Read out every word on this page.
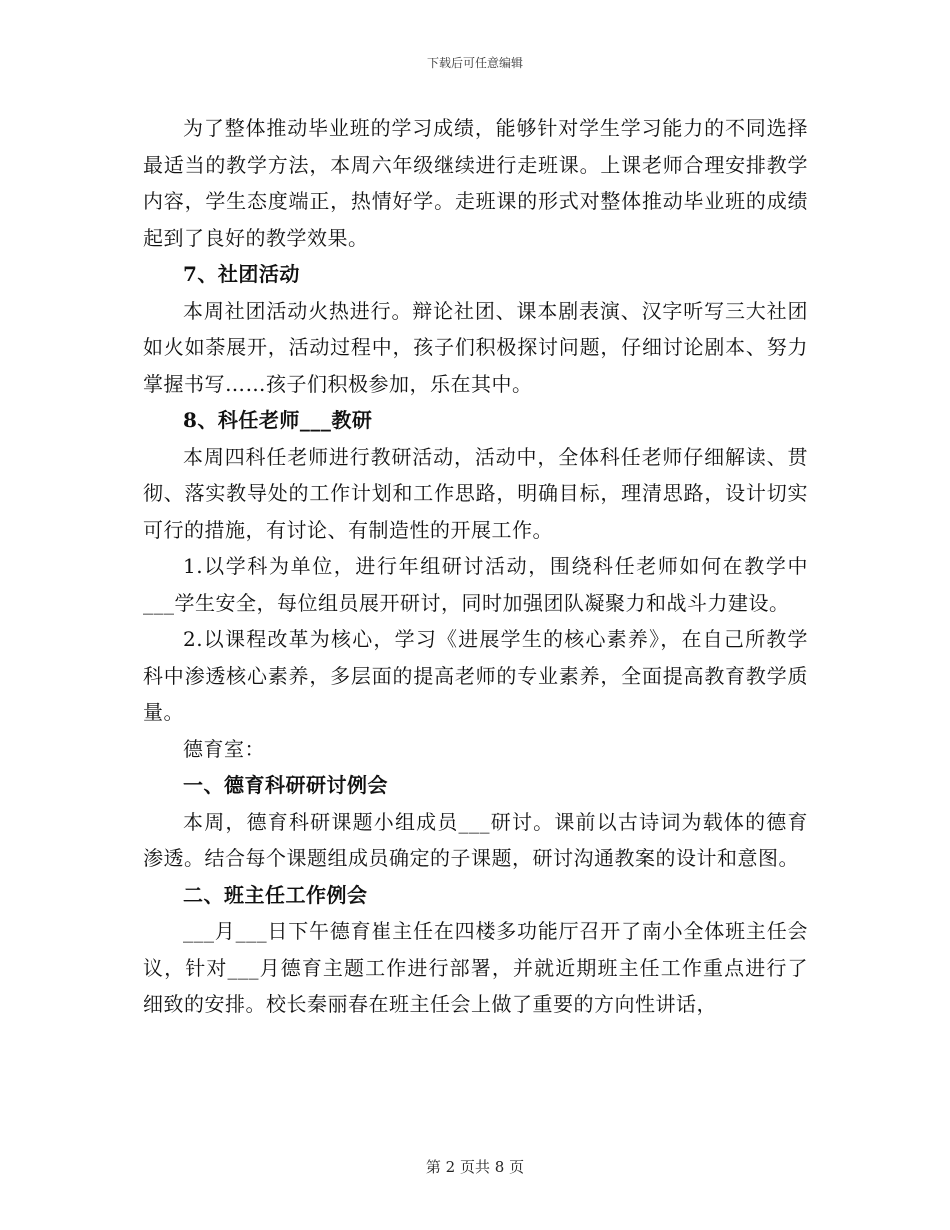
下载后可任意编辑

为了整体推动毕业班的学习成绩，能够针对学生学习能力的不同选择最适当的教学方法，本周六年级继续进行走班课。上课老师合理安排教学内容，学生态度端正，热情好学。走班课的形式对整体推动毕业班的成绩起到了良好的教学效果。

7、社团活动

本周社团活动火热进行。辩论社团、课本剧表演、汉字听写三大社团如火如荼展开，活动过程中，孩子们积极探讨问题，仔细讨论剧本、努力掌握书写……孩子们积极参加，乐在其中。

8、科任老师___教研

本周四科任老师进行教研活动，活动中，全体科任老师仔细解读、贯彻、落实教导处的工作计划和工作思路，明确目标，理清思路，设计切实可行的措施，有讨论、有制造性的开展工作。

1.以学科为单位，进行年组研讨活动，围绕科任老师如何在教学中___学生安全，每位组员展开研讨，同时加强团队凝聚力和战斗力建设。

2.以课程改革为核心，学习《进展学生的核心素养》，在自己所教学科中渗透核心素养，多层面的提高老师的专业素养，全面提高教育教学质量。

德育室：

一、德育科研研讨例会

本周，德育科研课题小组成员___研讨。课前以古诗词为载体的德育渗透。结合每个课题组成员确定的子课题，研讨沟通教案的设计和意图。

二、班主任工作例会

___月___日下午德育崔主任在四楼多功能厅召开了南小全体班主任会议，针对___月德育主题工作进行部署，并就近期班主任工作重点进行了细致的安排。校长秦丽春在班主任会上做了重要的方向性讲话，

第 2 页共 8 页
